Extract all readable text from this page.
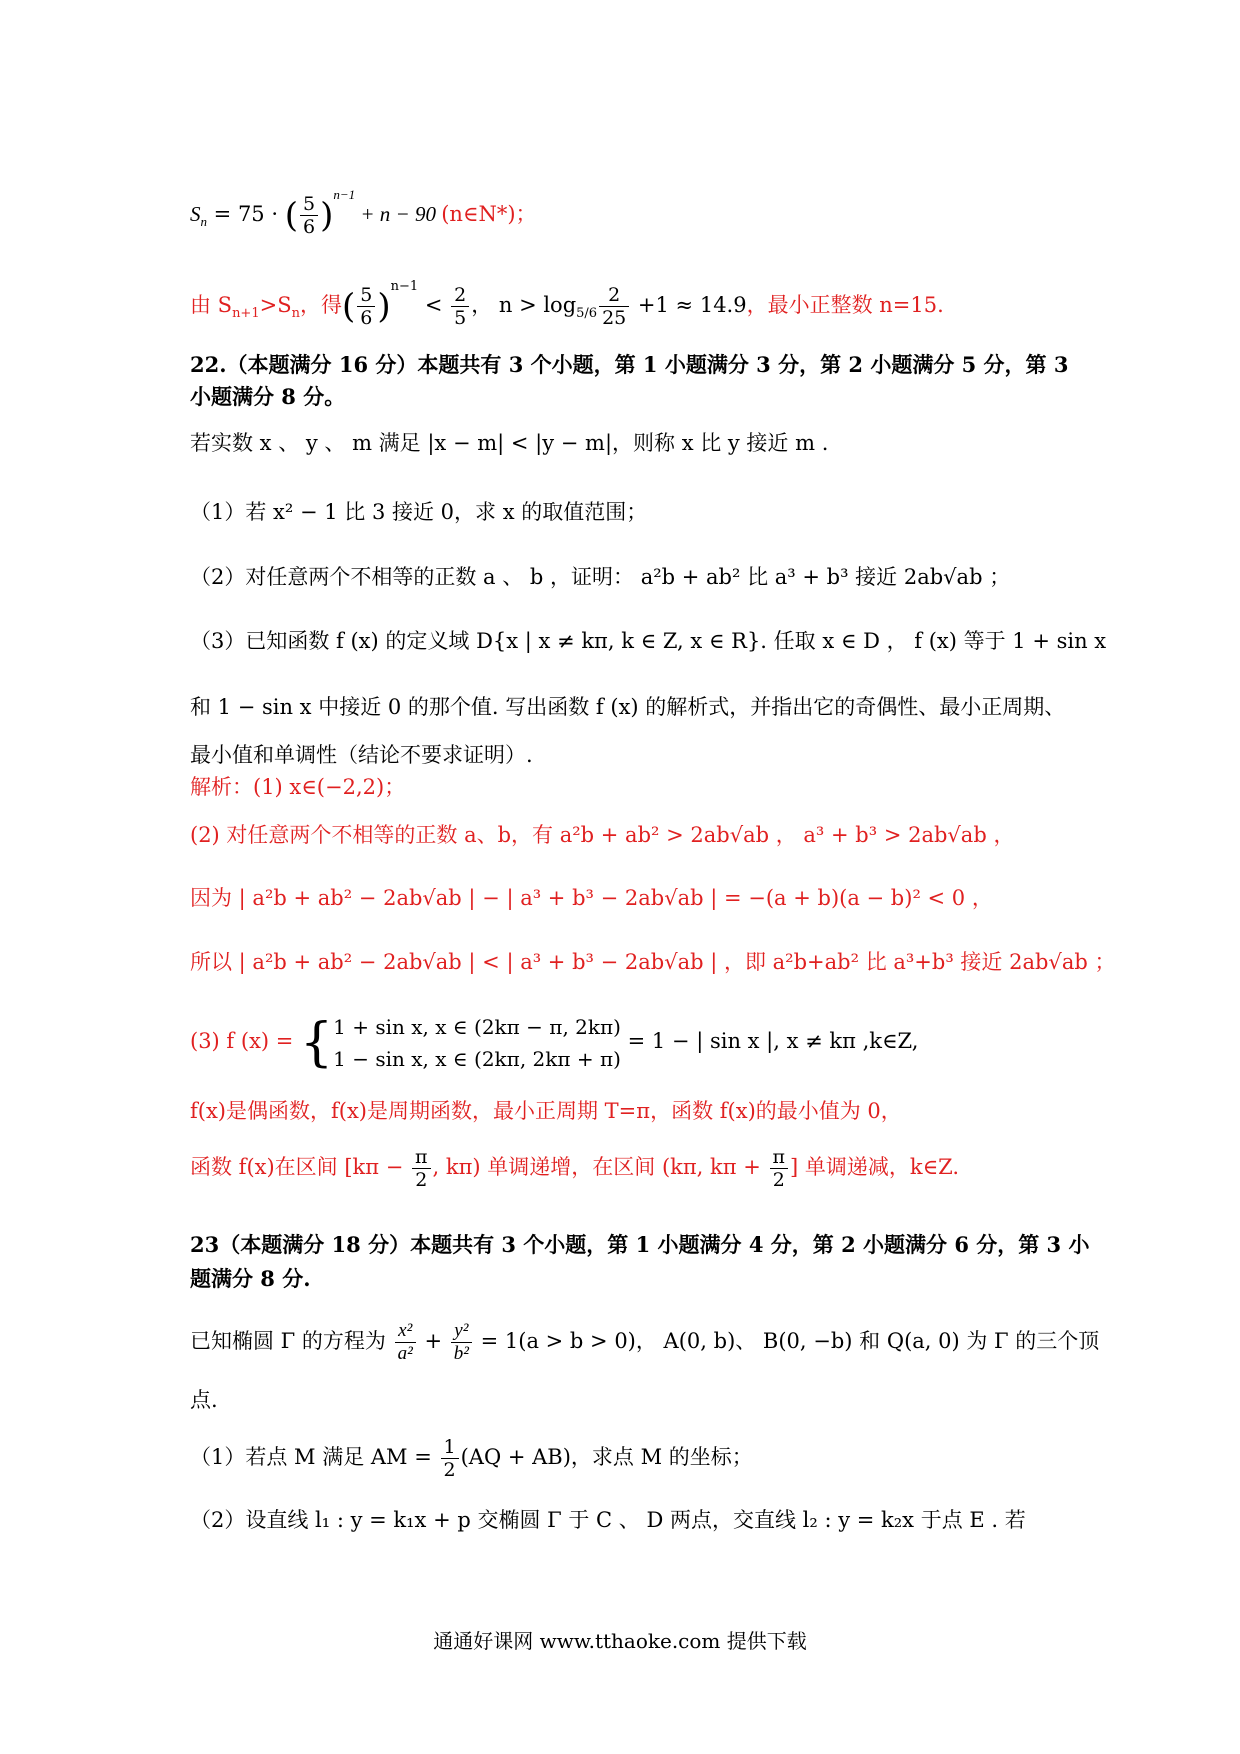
$S_n = 75$ · ( $\frac{5}{6} )^{n-1} + n - 90$ (n∈N*)；
由 $S_{n+1}>S_n$，得( $\frac{5}{6} )^{n-1} < \frac{2}{5}$ ， $n > \log_{5/6} \frac{2}{25} +1 \approx 14.9$，最小正整数 n=15.
22.（本题满分 16 分）本题共有 3 个小题，第 1 小题满分 3 分，第 2 小题满分 5 分，第 3
小题满分 8 分。
若实数 x 、 y 、 m 满足 |x − m| < |y − m|，则称 x 比 y 接近 m .
（1）若 x² − 1 比 3 接近 0，求 x 的取值范围；
（2）对任意两个不相等的正数 a 、 b ，证明： a²b + ab² 比 a³ + b³ 接近 2ab√ab ；
（3）已知函数 f (x) 的定义域 D{x | x ≠ kπ, k ∈ Z, x ∈ R}. 任取 x ∈ D ， f (x) 等于 1 + sin x
和 1 − sin x 中接近 0 的那个值. 写出函数 f (x) 的解析式，并指出它的奇偶性、最小正周期、
最小值和单调性（结论不要求证明）.
解析：(1) x∈(−2,2)；
(2) 对任意两个不相等的正数 a、b，有 a²b + ab² > 2ab√ab ， a³ + b³ > 2ab√ab ，
因为 | a²b + ab² − 2ab√ab | − | a³ + b³ − 2ab√ab | = −(a + b)(a − b)² < 0 ，
所以 | a²b + ab² − 2ab√ab | < | a³ + b³ − 2ab√ab | ，即 a²b+ab² 比 a³+b³ 接近 2ab√ab ；
(3) f (x) = { 1 + sin x, x ∈ (2kπ − π, 2kπ)
1 − sin x, x ∈ (2kπ, 2kπ + π)
= 1 − | sin x |, x ≠ kπ ,k∈Z,
f(x)是偶函数，f(x)是周期函数，最小正周期 T=π，函数 f(x)的最小值为 0，
函数 f(x)在区间 [$k\pi - \frac{\pi}{2}$ , kπ) 单调递增，在区间 (kπ, $k\pi + \frac{\pi}{2}$ ] 单调递减，k∈Z.
23（本题满分 18 分）本题共有 3 个小题，第 1 小题满分 4 分，第 2 小题满分 6 分，第 3 小
题满分 8 分.
已知椭圆 Γ 的方程为 $\frac{\text{x²}}{\text{a²}} + \frac{\text{y²}}{\text{b²}} = 1(a > b > 0)$， A(0, b)、 B(0, −b) 和 Q(a, 0) 为 Γ 的三个顶
点.
（1）若点 M 满足 AM = $\frac{1}{2} (AQ + AB)$，求点 M 的坐标；
（2）设直线 l₁ : y = k₁x + p 交椭圆 Γ 于 C 、 D 两点，交直线 l₂ : y = k₂x 于点 E . 若
通通好课网 www.tthaoke.com 提供下载
